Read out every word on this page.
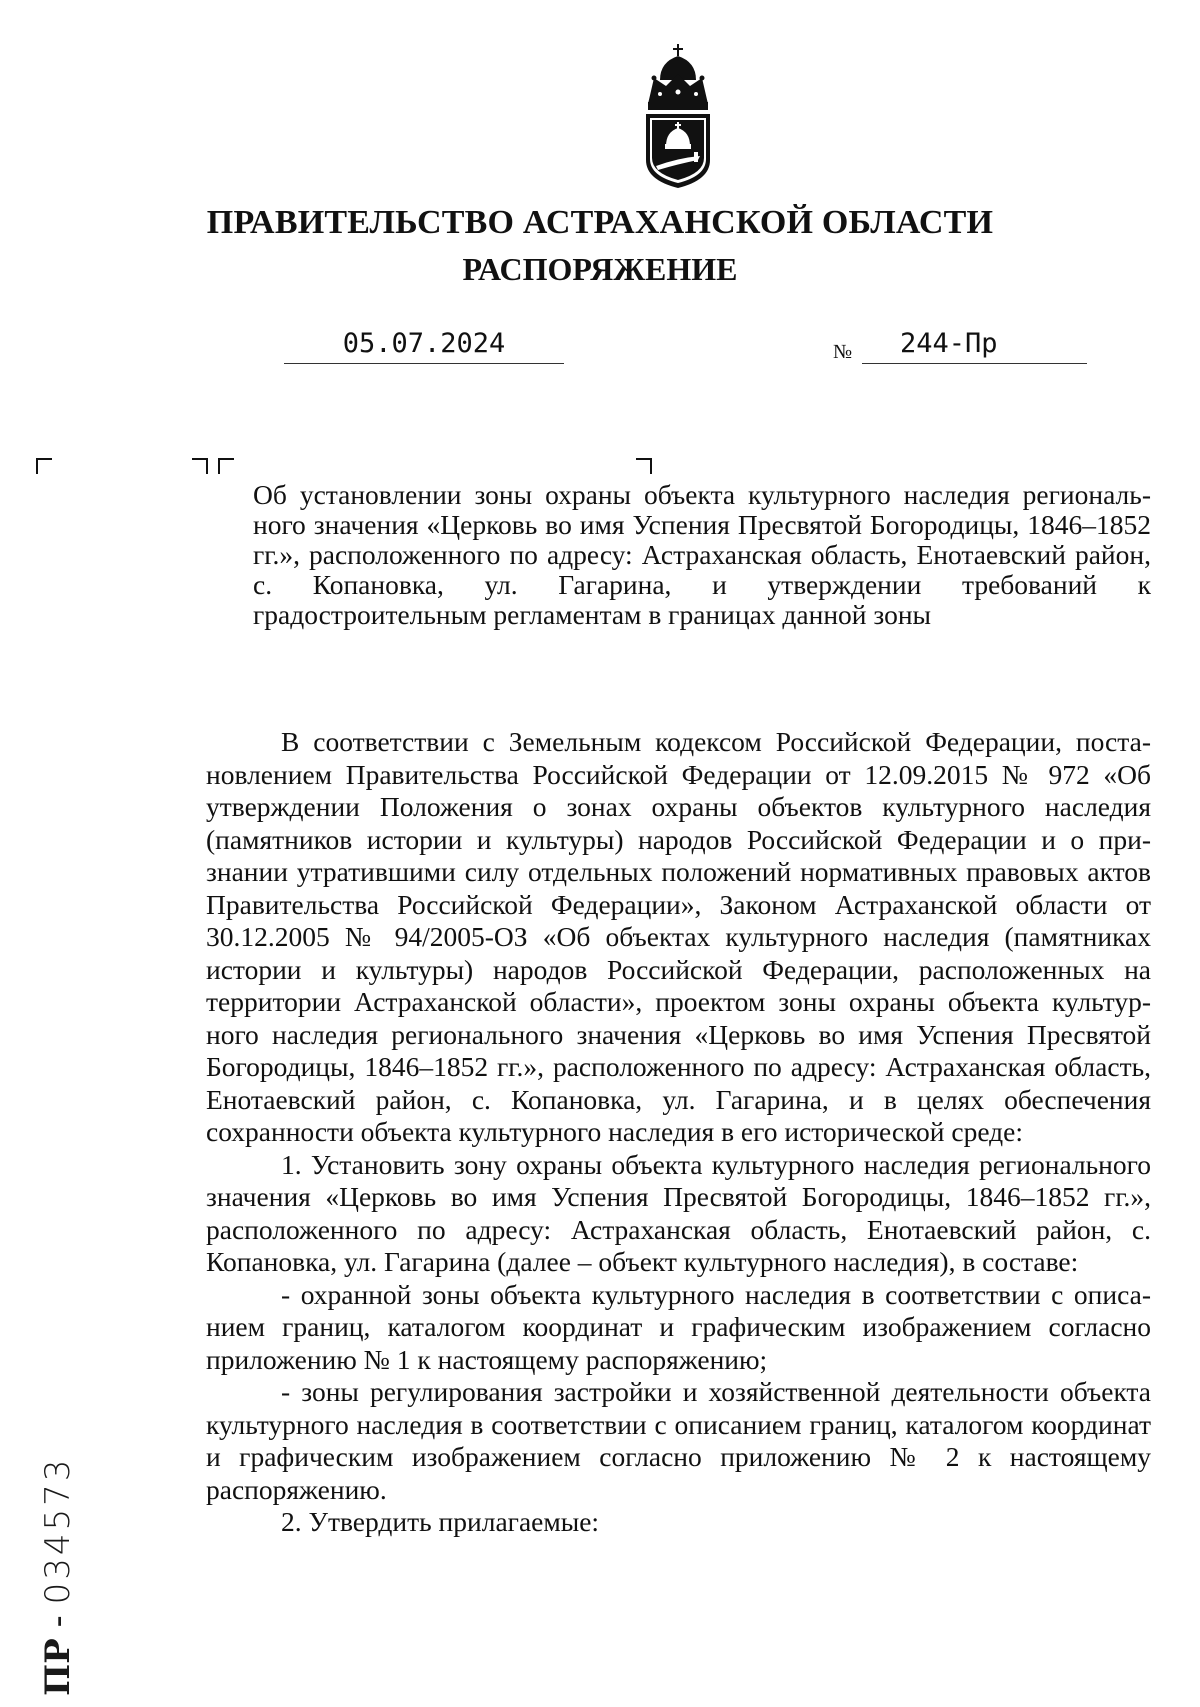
ПРАВИТЕЛЬСТВО АСТРАХАНСКОЙ ОБЛАСТИ
РАСПОРЯЖЕНИЕ
05.07.2024	№	244-Пр
Об установлении зоны охраны объекта культурного наследия регионального значения «Церковь во имя Успения Пресвятой Богородицы, 1846–1852 гг.», расположенного по адресу: Астраханская область, Енотаевский район, с. Копановка, ул. Гагарина, и утверждении требований к градостроительным регламентам в границах данной зоны

В соответствии с Земельным кодексом Российской Федерации, постановлением Правительства Российской Федерации от 12.09.2015 № 972 «Об утверждении Положения о зонах охраны объектов культурного наследия (памятников истории и культуры) народов Российской Федерации и о признании утратившими силу отдельных положений нормативных правовых актов Правительства Российской Федерации», Законом Астраханской области от 30.12.2005 № 94/2005-ОЗ «Об объектах культурного наследия (памятниках истории и культуры) народов Российской Федерации, расположенных на территории Астраханской области», проектом зоны охраны объекта культурного наследия регионального значения «Церковь во имя Успения Пресвятой Богородицы, 1846–1852 гг.», расположенного по адресу: Астраханская область, Енотаевский район, с. Копановка, ул. Гагарина, и в целях обеспечения сохранности объекта культурного наследия в его исторической среде:

1. Установить зону охраны объекта культурного наследия регионального значения «Церковь во имя Успения Пресвятой Богородицы, 1846–1852 гг.», расположенного по адресу: Астраханская область, Енотаевский район, с. Копановка, ул. Гагарина (далее – объект культурного наследия), в составе:

- охранной зоны объекта культурного наследия в соответствии с описанием границ, каталогом координат и графическим изображением согласно приложению № 1 к настоящему распоряжению;

- зоны регулирования застройки и хозяйственной деятельности объекта культурного наследия в соответствии с описанием границ, каталогом координат и графическим изображением согласно приложению № 2 к настоящему распоряжению.

2. Утвердить прилагаемые:

ПР - 034573
